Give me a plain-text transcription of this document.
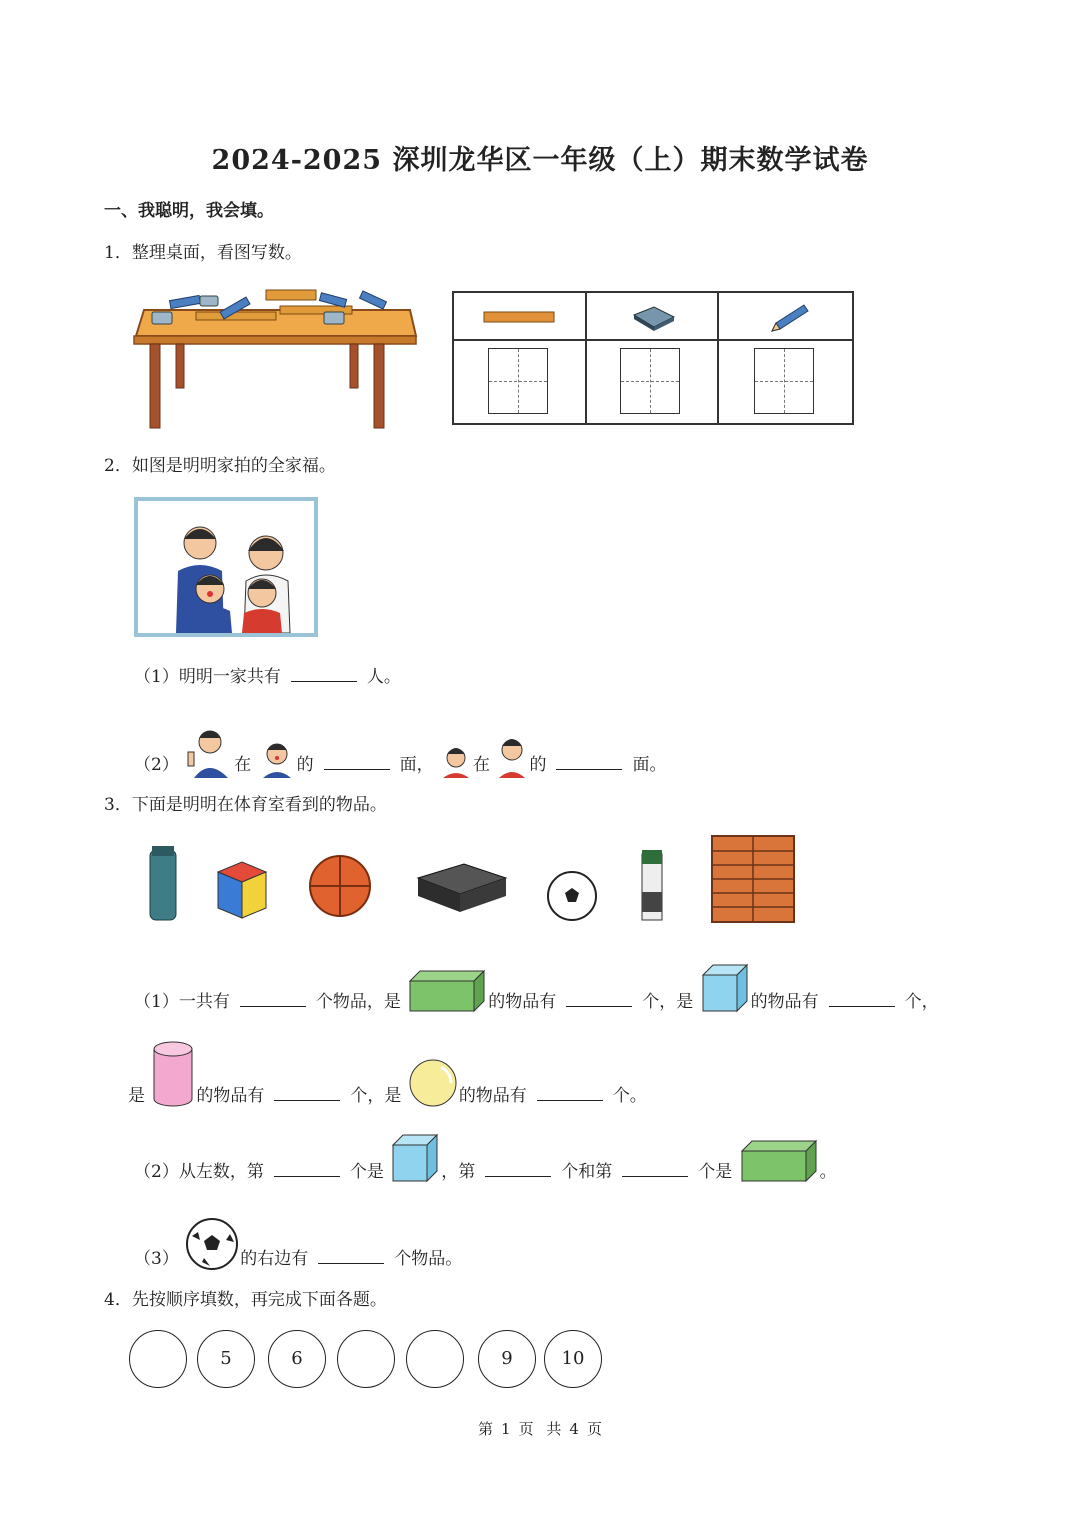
2024-2025 深圳龙华区一年级（上）期末数学试卷
一、我聪明，我会填。
1．整理桌面，看图写数。
2．如图是明明家拍的全家福。
（1）明明一家共有	人。
（2）	在	的	面， 在 的	面。
3．下面是明明在体育室看到的物品。
（1）一共有	个物品，是	的物品有	个，是	的物品有	个，
是	的物品有	个，是	的物品有	个。
（2）从左数，第	个是	，第	个和第	个是	。
（3）	的右边有	个物品。
4．先按顺序填数，再完成下面各题。
5	6	9	10
第 1 页 共 4 页
